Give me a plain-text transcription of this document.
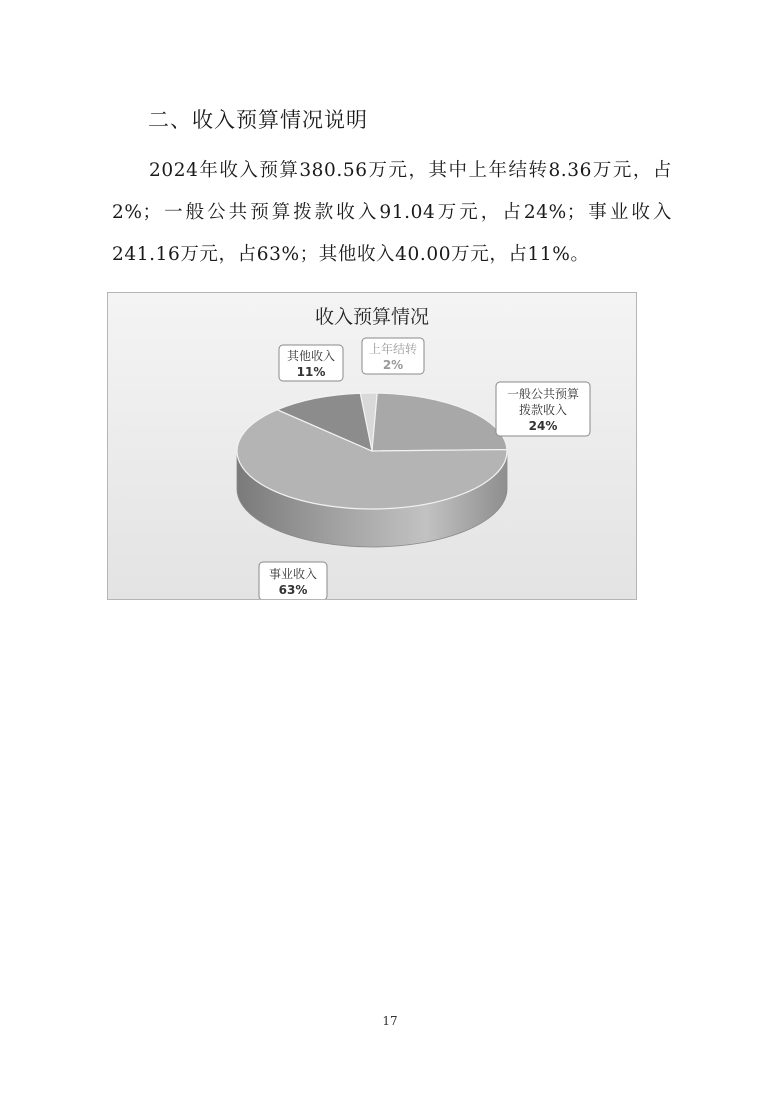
二、收入预算情况说明

2024年收入预算380.56万元，其中上年结转8.36万元，占2%；一般公共预算拨款收入91.04万元，占24%；事业收入241.16万元，占63%；其他收入40.00万元，占11%。

收入预算情况
上年结转
2%
一般公共预算
拨款收入
24%
事业收入
63%
其他收入
11%
17
